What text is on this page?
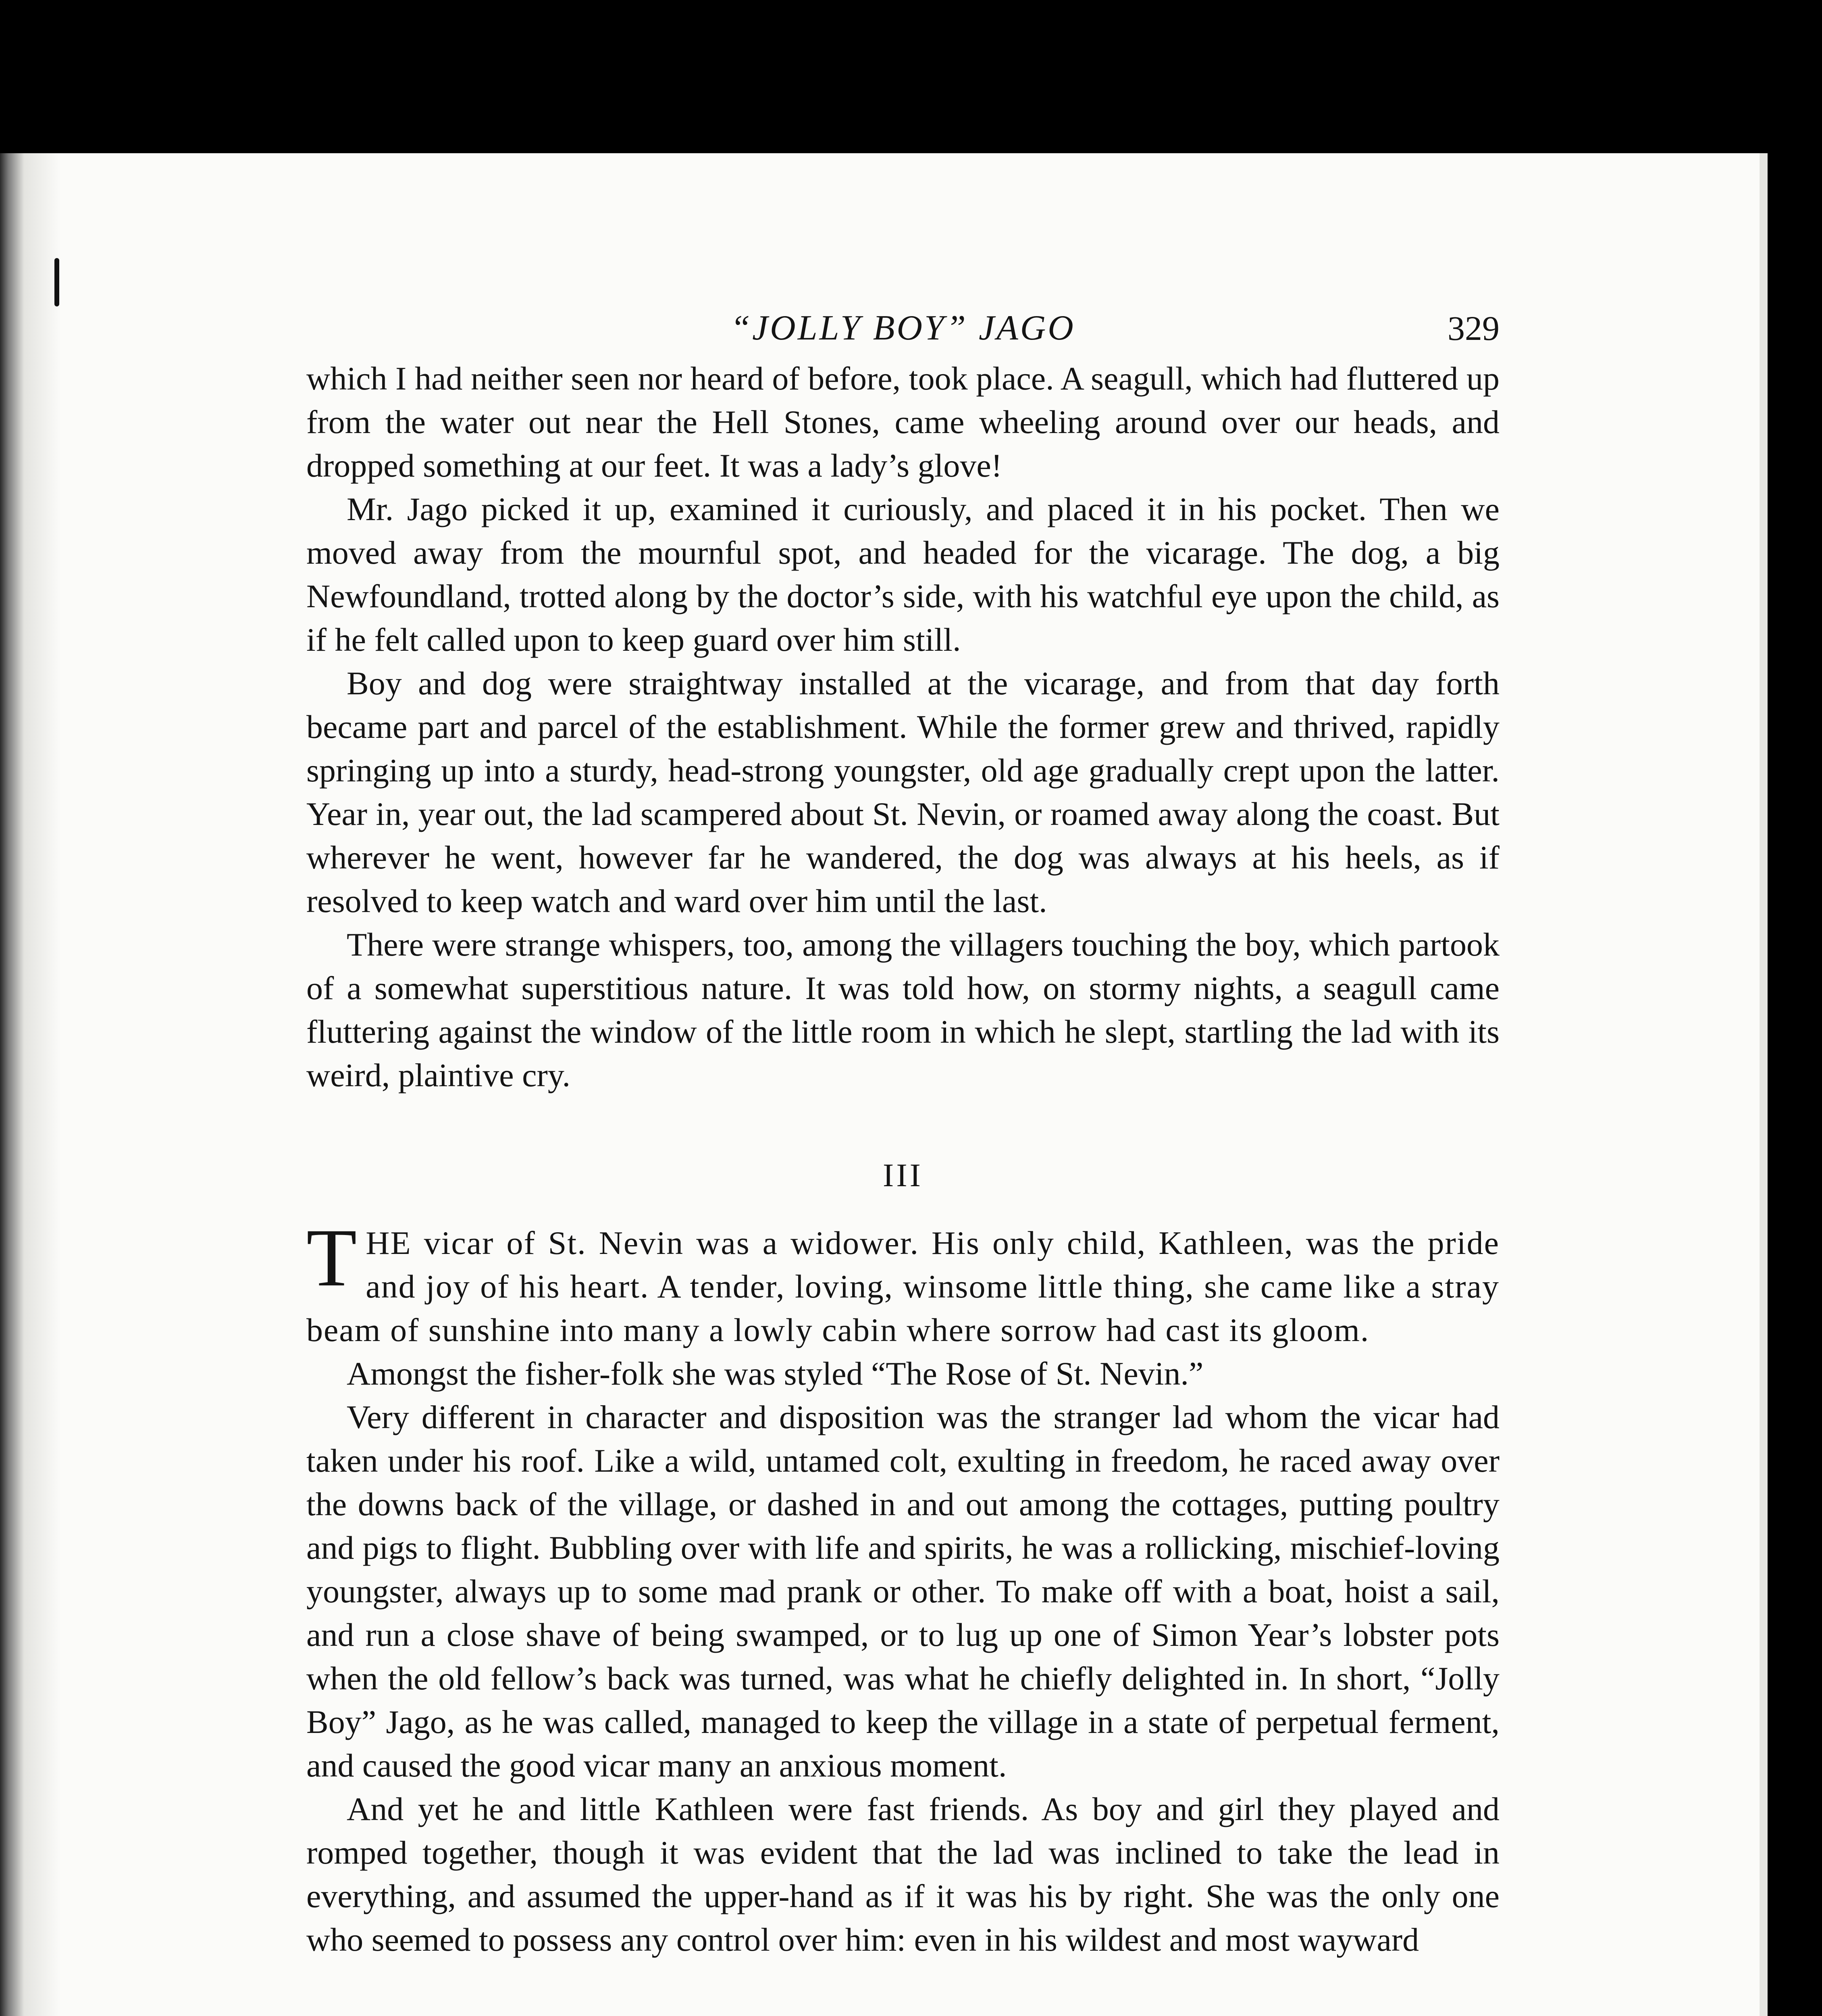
“JOLLY BOY” JAGO	329

which I had neither seen nor heard of before, took place. A seagull, which had fluttered up from the water out near the Hell Stones, came wheeling around over our heads, and dropped something at our feet. It was a lady’s glove!

Mr. Jago picked it up, examined it curiously, and placed it in his pocket. Then we moved away from the mournful spot, and headed for the vicarage. The dog, a big Newfoundland, trotted along by the doctor’s side, with his watchful eye upon the child, as if he felt called upon to keep guard over him still.

Boy and dog were straightway installed at the vicarage, and from that day forth became part and parcel of the establishment. While the former grew and thrived, rapidly springing up into a sturdy, head-strong youngster, old age gradually crept upon the latter. Year in, year out, the lad scampered about St. Nevin, or roamed away along the coast. But wherever he went, however far he wandered, the dog was always at his heels, as if resolved to keep watch and ward over him until the last.

There were strange whispers, too, among the villagers touching the boy, which partook of a somewhat superstitious nature. It was told how, on stormy nights, a seagull came fluttering against the window of the little room in which he slept, startling the lad with its weird, plaintive cry.

III

THE vicar of St. Nevin was a widower. His only child, Kathleen, was the pride and joy of his heart. A tender, loving, winsome little thing, she came like a stray beam of sunshine into many a lowly cabin where sorrow had cast its gloom.

Amongst the fisher-folk she was styled “The Rose of St. Nevin.”

Very different in character and disposition was the stranger lad whom the vicar had taken under his roof. Like a wild, untamed colt, exulting in freedom, he raced away over the downs back of the village, or dashed in and out among the cottages, putting poultry and pigs to flight. Bubbling over with life and spirits, he was a rollicking, mischief-loving youngster, always up to some mad prank or other. To make off with a boat, hoist a sail, and run a close shave of being swamped, or to lug up one of Simon Year’s lobster pots when the old fellow’s back was turned, was what he chiefly delighted in. In short, “Jolly Boy” Jago, as he was called, managed to keep the village in a state of perpetual ferment, and caused the good vicar many an anxious moment.

And yet he and little Kathleen were fast friends. As boy and girl they played and romped together, though it was evident that the lad was inclined to take the lead in everything, and assumed the upper-hand as if it was his by right. She was the only one who seemed to possess any control over him: even in his wildest and most wayward
